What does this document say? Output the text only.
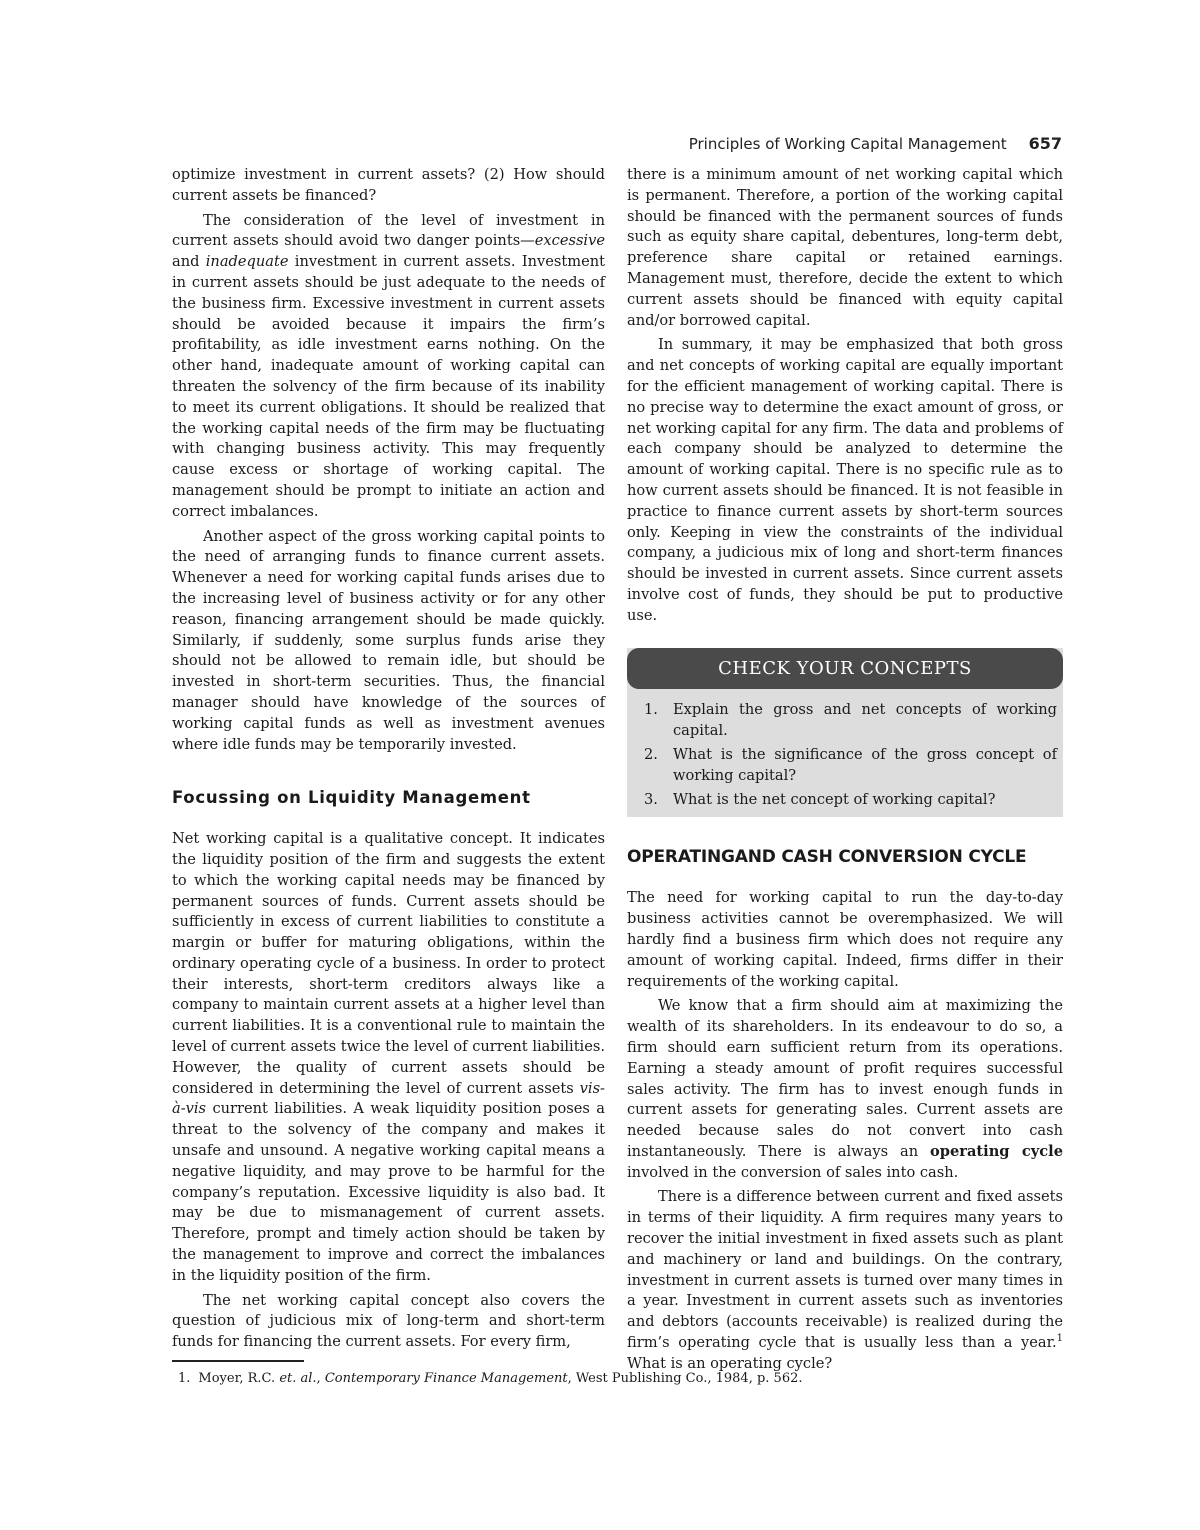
Principles of Working Capital Management 657

optimize investment in current assets? (2) How should current assets be financed?

The consideration of the level of investment in current assets should avoid two danger points—excessive and inadequate investment in current assets. Investment in current assets should be just adequate to the needs of the business firm. Excessive investment in current assets should be avoided because it impairs the firm’s profitability, as idle investment earns nothing. On the other hand, inadequate amount of working capital can threaten the solvency of the firm because of its inability to meet its current obligations. It should be realized that the working capital needs of the firm may be fluctuating with changing business activity. This may frequently cause excess or shortage of working capital. The management should be prompt to initiate an action and correct imbalances.

Another aspect of the gross working capital points to the need of arranging funds to finance current assets. Whenever a need for working capital funds arises due to the increasing level of business activity or for any other reason, financing arrangement should be made quickly. Similarly, if suddenly, some surplus funds arise they should not be allowed to remain idle, but should be invested in short-term securities. Thus, the financial manager should have knowledge of the sources of working capital funds as well as investment avenues where idle funds may be temporarily invested.

Focussing on Liquidity Management

Net working capital is a qualitative concept. It indicates the liquidity position of the firm and suggests the extent to which the working capital needs may be financed by permanent sources of funds. Current assets should be sufficiently in excess of current liabilities to constitute a margin or buffer for maturing obligations, within the ordinary operating cycle of a business. In order to protect their interests, short-term creditors always like a company to maintain current assets at a higher level than current liabilities. It is a conventional rule to maintain the level of current assets twice the level of current liabilities. However, the quality of current assets should be considered in determining the level of current assets vis-à-vis current liabilities. A weak liquidity position poses a threat to the solvency of the company and makes it unsafe and unsound. A negative working capital means a negative liquidity, and may prove to be harmful for the company’s reputation. Excessive liquidity is also bad. It may be due to mismanagement of current assets. Therefore, prompt and timely action should be taken by the management to improve and correct the imbalances in the liquidity position of the firm.

The net working capital concept also covers the question of judicious mix of long-term and short-term funds for financing the current assets. For every firm,

there is a minimum amount of net working capital which is permanent. Therefore, a portion of the working capital should be financed with the permanent sources of funds such as equity share capital, debentures, long-term debt, preference share capital or retained earnings. Management must, therefore, decide the extent to which current assets should be financed with equity capital and/or borrowed capital.

In summary, it may be emphasized that both gross and net concepts of working capital are equally important for the efficient management of working capital. There is no precise way to determine the exact amount of gross, or net working capital for any firm. The data and problems of each company should be analyzed to determine the amount of working capital. There is no specific rule as to how current assets should be financed. It is not feasible in practice to finance current assets by short-term sources only. Keeping in view the constraints of the individual company, a judicious mix of long and short-term finances should be invested in current assets. Since current assets involve cost of funds, they should be put to productive use.

CHECK YOUR CONCEPTS
1. Explain the gross and net concepts of working capital.
2. What is the significance of the gross concept of working capital?
3. What is the net concept of working capital?
OPERATINGAND CASH CONVERSION CYCLE

The need for working capital to run the day-to-day business activities cannot be overemphasized. We will hardly find a business firm which does not require any amount of working capital. Indeed, firms differ in their requirements of the working capital.

We know that a firm should aim at maximizing the wealth of its shareholders. In its endeavour to do so, a firm should earn sufficient return from its operations. Earning a steady amount of profit requires successful sales activity. The firm has to invest enough funds in current assets for generating sales. Current assets are needed because sales do not convert into cash instantaneously. There is always an operating cycle involved in the conversion of sales into cash.

There is a difference between current and fixed assets in terms of their liquidity. A firm requires many years to recover the initial investment in fixed assets such as plant and machinery or land and buildings. On the contrary, investment in current assets is turned over many times in a year. Investment in current assets such as inventories and debtors (accounts receivable) is realized during the firm’s operating cycle that is usually less than a year.$^1$ What is an operating cycle?

1. Moyer, R.C. et. al., Contemporary Finance Management, West Publishing Co., 1984, p. 562.
